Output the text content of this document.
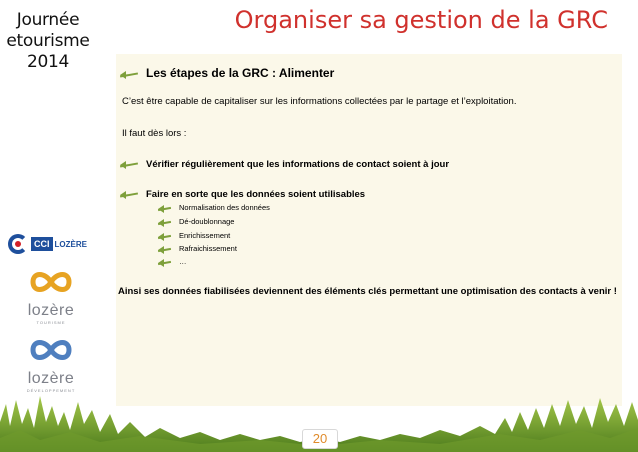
Journée
etourisme
2014
CCI LOZÈRE
lozère
TOURISME
lozère
DÉVELOPPEMENT
Organiser sa gestion de la GRC
Les étapes de la GRC : Alimenter
C’est être capable de capitaliser sur les informations collectées par le partage et l’exploitation.
Il faut dès lors :
Vérifier régulièrement que les informations de contact soient à jour
Faire en sorte que les données soient utilisables
Normalisation des données
Dé-doublonnage
Enrichissement
Rafraichissement
…
Ainsi ses données fiabilisées deviennent des éléments clés permettant une optimisation des contacts à venir !
20
